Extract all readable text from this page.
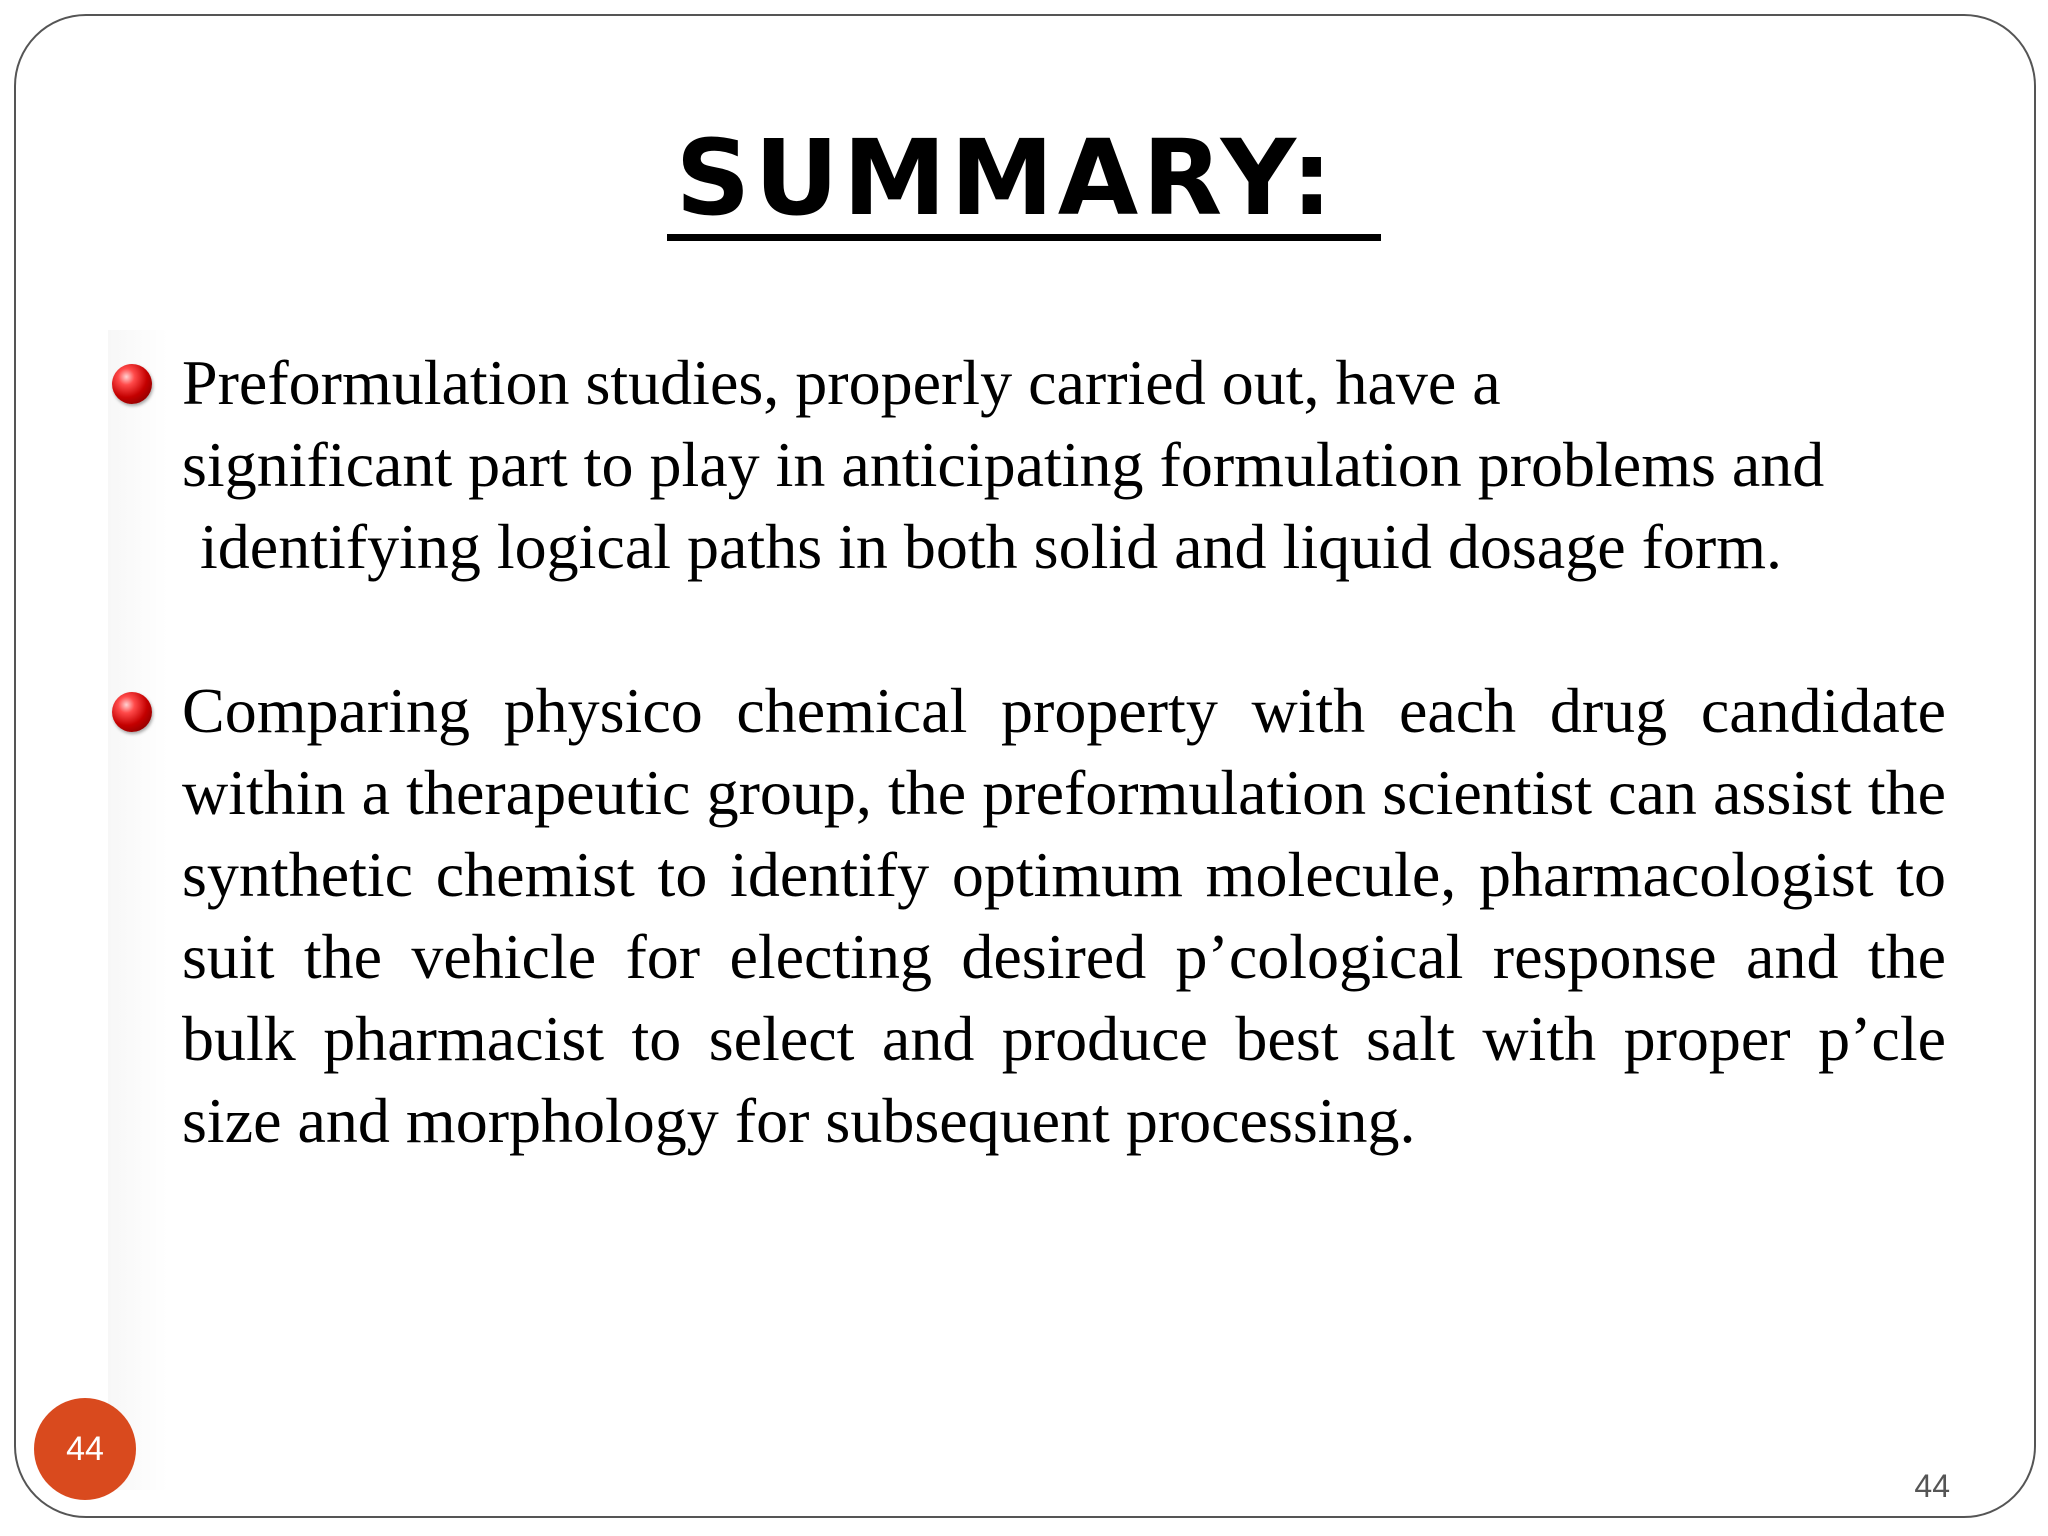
SUMMARY:

Preformulation studies, properly carried out, have a

significant part to play in anticipating formulation problems and

identifying logical paths in both solid and liquid dosage form.

Comparing physico chemical property with each drug candidate within a therapeutic group, the preformulation scientist can assist the synthetic chemist to identify optimum molecule, pharmacologist to suit the vehicle for electing desired p’cological response and the bulk pharmacist to select and produce best salt with proper p’cle size and morphology for subsequent processing.

44
44
